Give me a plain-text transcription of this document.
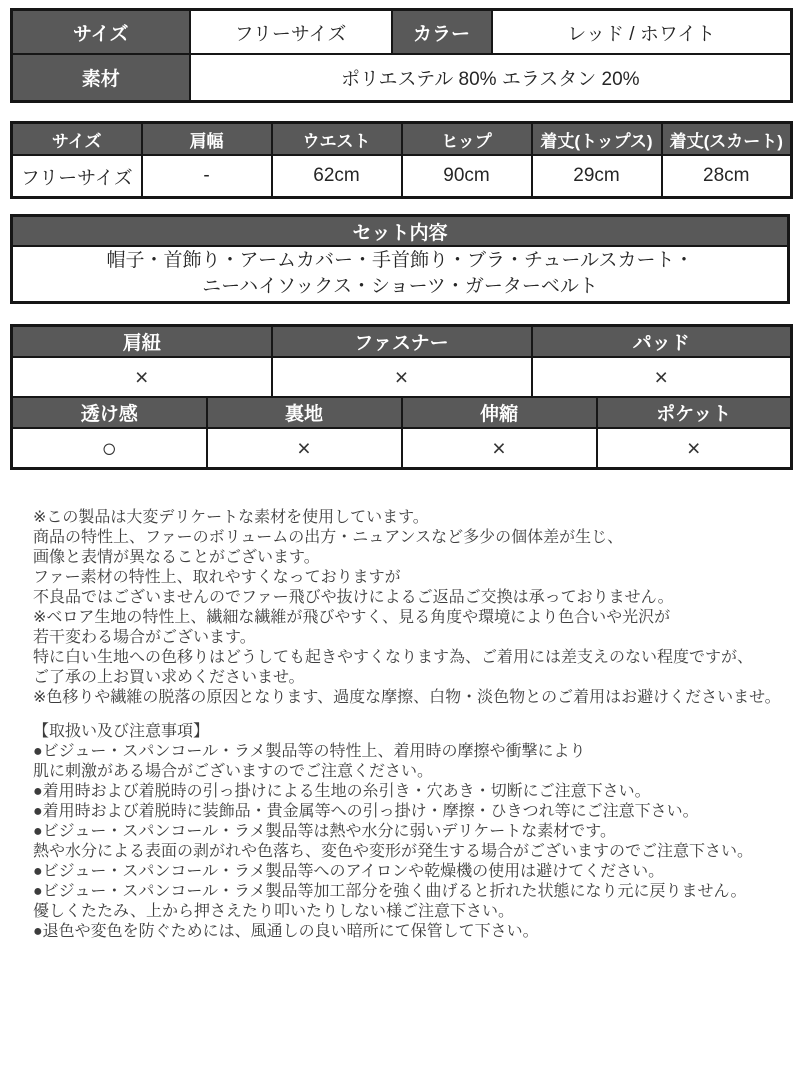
サイズ	フリーサイズ	カラー	レッド / ホワイト
素材	ポリエステル 80% エラスタン 20%		
サイズ	肩幅	ウエスト	ヒップ	着丈(トップス)	着丈(スカート)
フリーサイズ	-	62cm	90cm	29cm	28cm
セット内容

帽子・首飾り・アームカバー・手首飾り・ブラ・チュールスカート・
ニーハイソックス・ショーツ・ガーターベルト
肩紐		ファスナー		パッド	
×		×		×	
透け感	裏地		伸縮		ポケット
○	×		×		×
※この製品は大変デリケートな素材を使用しています。
商品の特性上、ファーのボリュームの出方・ニュアンスなど多少の個体差が生じ、
画像と表情が異なることがございます。
ファー素材の特性上、取れやすくなっておりますが
不良品ではございませんのでファー飛びや抜けによるご返品ご交換は承っておりません。
※ベロア生地の特性上、繊細な繊維が飛びやすく、見る角度や環境により色合いや光沢が
若干変わる場合がございます。
特に白い生地への色移りはどうしても起きやすくなります為、ご着用には差支えのない程度ですが、
ご了承の上お買い求めくださいませ。
※色移りや繊維の脱落の原因となります、過度な摩擦、白物・淡色物とのご着用はお避けくださいませ。
【取扱い及び注意事項】
●ビジュー・スパンコール・ラメ製品等の特性上、着用時の摩擦や衝撃により
肌に刺激がある場合がございますのでご注意ください。
●着用時および着脱時の引っ掛けによる生地の糸引き・穴あき・切断にご注意下さい。
●着用時および着脱時に装飾品・貴金属等への引っ掛け・摩擦・ひきつれ等にご注意下さい。
●ビジュー・スパンコール・ラメ製品等は熱や水分に弱いデリケートな素材です。
熱や水分による表面の剥がれや色落ち、変色や変形が発生する場合がございますのでご注意下さい。
●ビジュー・スパンコール・ラメ製品等へのアイロンや乾燥機の使用は避けてください。
●ビジュー・スパンコール・ラメ製品等加工部分を強く曲げると折れた状態になり元に戻りません。
優しくたたみ、上から押さえたり叩いたりしない様ご注意下さい。
●退色や変色を防ぐためには、風通しの良い暗所にて保管して下さい。
